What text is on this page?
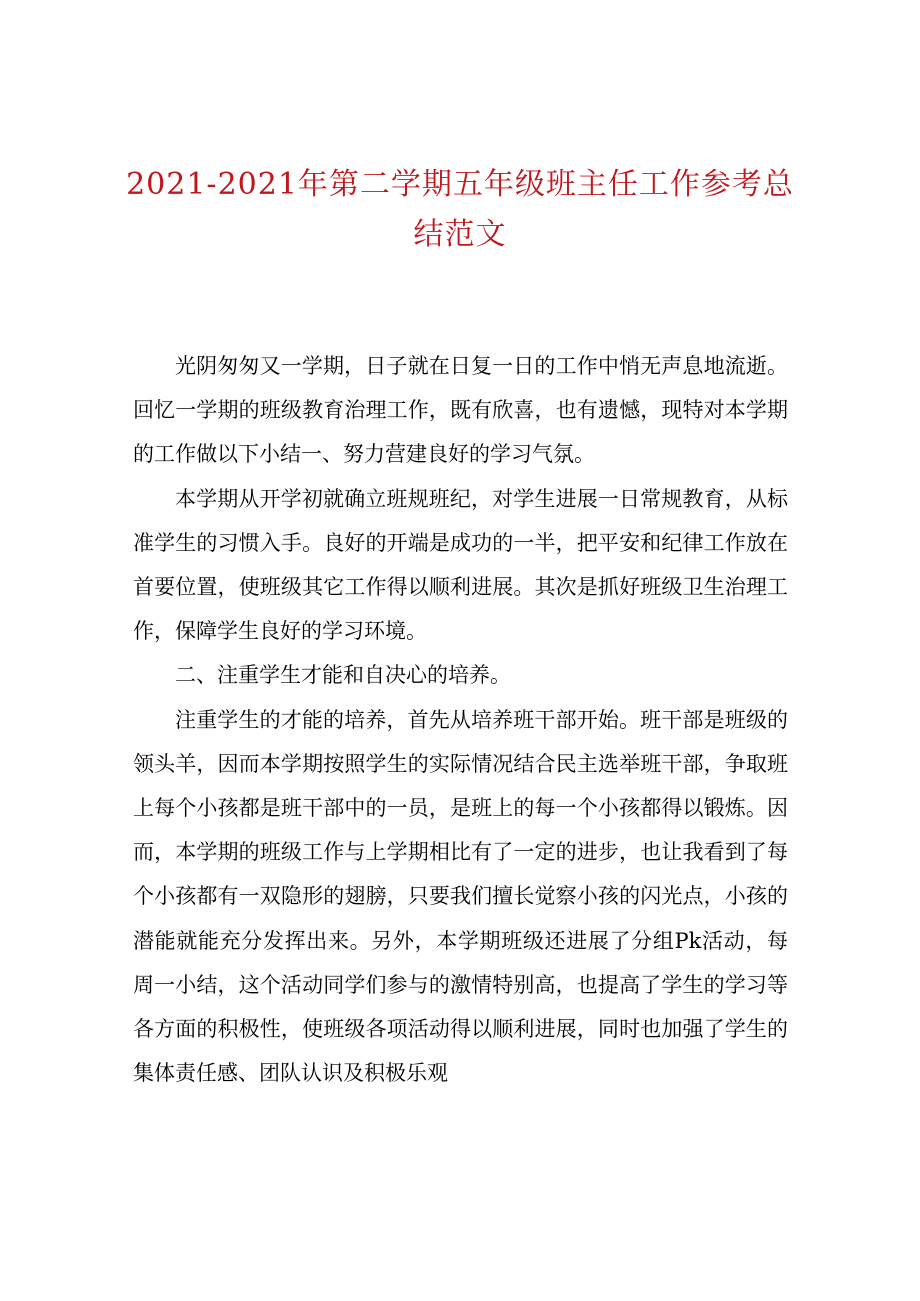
2021-2021年第二学期五年级班主任工作参考总结范文

光阴匆匆又一学期，日子就在日复一日的工作中悄无声息地流逝。回忆一学期的班级教育治理工作，既有欣喜，也有遗憾，现特对本学期的工作做以下小结一、努力营建良好的学习气氛。

本学期从开学初就确立班规班纪，对学生进展一日常规教育，从标准学生的习惯入手。良好的开端是成功的一半，把平安和纪律工作放在首要位置，使班级其它工作得以顺利进展。其次是抓好班级卫生治理工作，保障学生良好的学习环境。

二、注重学生才能和自决心的培养。

注重学生的才能的培养，首先从培养班干部开始。班干部是班级的领头羊，因而本学期按照学生的实际情况结合民主选举班干部，争取班上每个小孩都是班干部中的一员，是班上的每一个小孩都得以锻炼。因而，本学期的班级工作与上学期相比有了一定的进步，也让我看到了每个小孩都有一双隐形的翅膀，只要我们擅长觉察小孩的闪光点，小孩的潜能就能充分发挥出来。另外，本学期班级还进展了分组Pk活动，每周一小结，这个活动同学们参与的激情特别高，也提高了学生的学习等各方面的积极性，使班级各项活动得以顺利进展，同时也加强了学生的集体责任感、团队认识及积极乐观
